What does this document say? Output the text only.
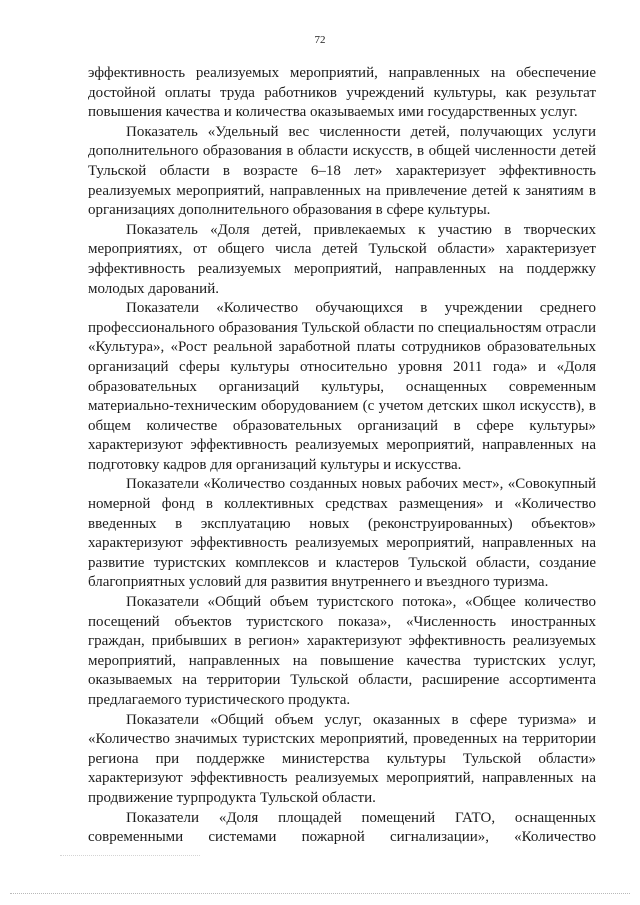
72

эффективность реализуемых мероприятий, направленных на обеспечение достойной оплаты труда работников учреждений культуры, как результат повышения качества и количества оказываемых ими государственных услуг.

Показатель «Удельный вес численности детей, получающих услуги дополнительного образования в области искусств, в общей численности детей Тульской области в возрасте 6–18 лет» характеризует эффективность реализуемых мероприятий, направленных на привлечение детей к занятиям в организациях дополнительного образования в сфере культуры.

Показатель «Доля детей, привлекаемых к участию в творческих мероприятиях, от общего числа детей Тульской области» характеризует эффективность реализуемых мероприятий, направленных на поддержку молодых дарований.

Показатели «Количество обучающихся в учреждении среднего профессионального образования Тульской области по специальностям отрасли «Культура», «Рост реальной заработной платы сотрудников образовательных организаций сферы культуры относительно уровня 2011 года» и «Доля образовательных организаций культуры, оснащенных современным материально-техническим оборудованием (с учетом детских школ искусств), в общем количестве образовательных организаций в сфере культуры» характеризуют эффективность реализуемых мероприятий, направленных на подготовку кадров для организаций культуры и искусства.

Показатели «Количество созданных новых рабочих мест», «Совокупный номерной фонд в коллективных средствах размещения» и «Количество введенных в эксплуатацию новых (реконструированных) объектов» характеризуют эффективность реализуемых мероприятий, направленных на развитие туристских комплексов и кластеров Тульской области, создание благоприятных условий для развития внутреннего и въездного туризма.

Показатели «Общий объем туристского потока», «Общее количество посещений объектов туристского показа», «Численность иностранных граждан, прибывших в регион» характеризуют эффективность реализуемых мероприятий, направленных на повышение качества туристских услуг, оказываемых на территории Тульской области, расширение ассортимента предлагаемого туристического продукта.

Показатели «Общий объем услуг, оказанных в сфере туризма» и «Количество значимых туристских мероприятий, проведенных на территории региона при поддержке министерства культуры Тульской области» характеризуют эффективность реализуемых мероприятий, направленных на продвижение турпродукта Тульской области.

Показатели «Доля площадей помещений ГАТО, оснащенных современными системами пожарной сигнализации», «Количество
